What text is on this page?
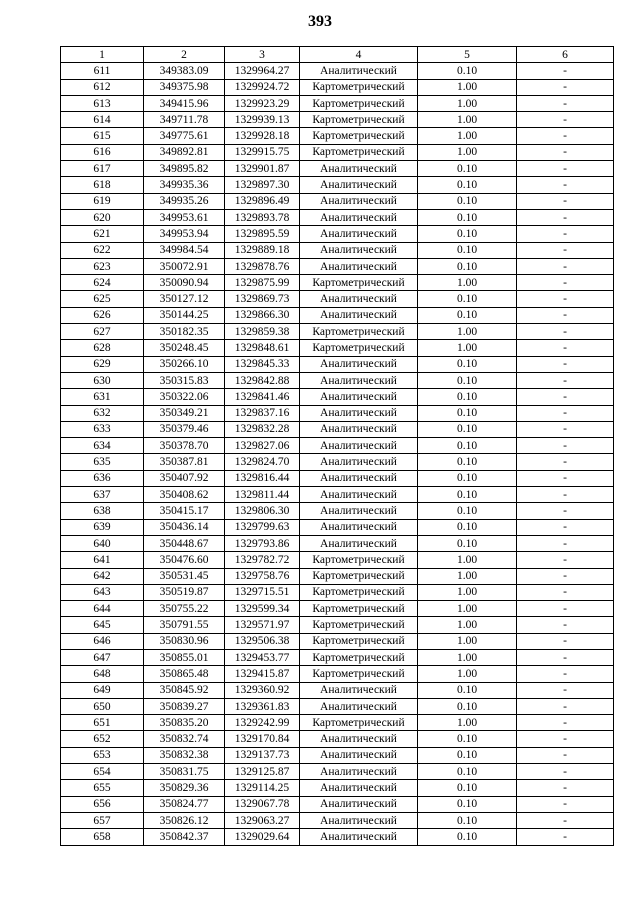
393
1	2	3	4	5	6
611	349383.09	1329964.27	Аналитический	0.10	-
612	349375.98	1329924.72	Картометрический	1.00	-
613	349415.96	1329923.29	Картометрический	1.00	-
614	349711.78	1329939.13	Картометрический	1.00	-
615	349775.61	1329928.18	Картометрический	1.00	-
616	349892.81	1329915.75	Картометрический	1.00	-
617	349895.82	1329901.87	Аналитический	0.10	-
618	349935.36	1329897.30	Аналитический	0.10	-
619	349935.26	1329896.49	Аналитический	0.10	-
620	349953.61	1329893.78	Аналитический	0.10	-
621	349953.94	1329895.59	Аналитический	0.10	-
622	349984.54	1329889.18	Аналитический	0.10	-
623	350072.91	1329878.76	Аналитический	0.10	-
624	350090.94	1329875.99	Картометрический	1.00	-
625	350127.12	1329869.73	Аналитический	0.10	-
626	350144.25	1329866.30	Аналитический	0.10	-
627	350182.35	1329859.38	Картометрический	1.00	-
628	350248.45	1329848.61	Картометрический	1.00	-
629	350266.10	1329845.33	Аналитический	0.10	-
630	350315.83	1329842.88	Аналитический	0.10	-
631	350322.06	1329841.46	Аналитический	0.10	-
632	350349.21	1329837.16	Аналитический	0.10	-
633	350379.46	1329832.28	Аналитический	0.10	-
634	350378.70	1329827.06	Аналитический	0.10	-
635	350387.81	1329824.70	Аналитический	0.10	-
636	350407.92	1329816.44	Аналитический	0.10	-
637	350408.62	1329811.44	Аналитический	0.10	-
638	350415.17	1329806.30	Аналитический	0.10	-
639	350436.14	1329799.63	Аналитический	0.10	-
640	350448.67	1329793.86	Аналитический	0.10	-
641	350476.60	1329782.72	Картометрический	1.00	-
642	350531.45	1329758.76	Картометрический	1.00	-
643	350519.87	1329715.51	Картометрический	1.00	-
644	350755.22	1329599.34	Картометрический	1.00	-
645	350791.55	1329571.97	Картометрический	1.00	-
646	350830.96	1329506.38	Картометрический	1.00	-
647	350855.01	1329453.77	Картометрический	1.00	-
648	350865.48	1329415.87	Картометрический	1.00	-
649	350845.92	1329360.92	Аналитический	0.10	-
650	350839.27	1329361.83	Аналитический	0.10	-
651	350835.20	1329242.99	Картометрический	1.00	-
652	350832.74	1329170.84	Аналитический	0.10	-
653	350832.38	1329137.73	Аналитический	0.10	-
654	350831.75	1329125.87	Аналитический	0.10	-
655	350829.36	1329114.25	Аналитический	0.10	-
656	350824.77	1329067.78	Аналитический	0.10	-
657	350826.12	1329063.27	Аналитический	0.10	-
658	350842.37	1329029.64	Аналитический	0.10	-
